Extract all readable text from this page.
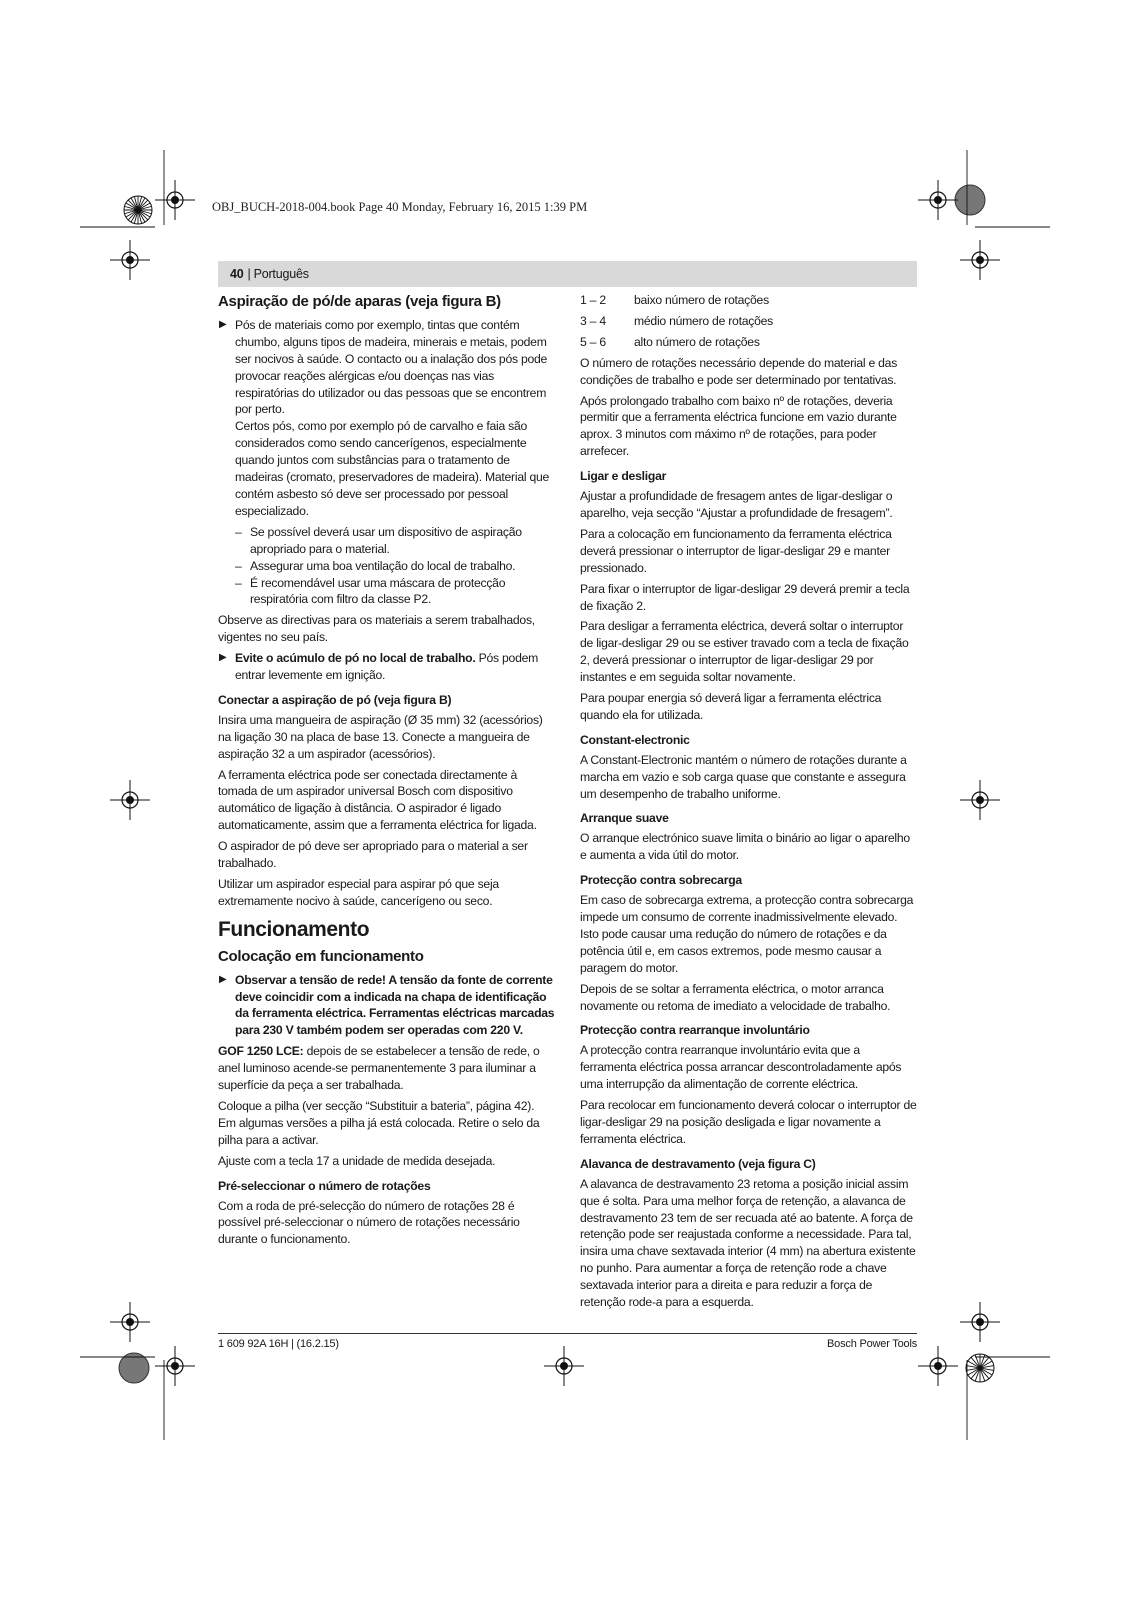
OBJ_BUCH-2018-004.book Page 40 Monday, February 16, 2015 1:39 PM
40 | Português
Aspiração de pó/de aparas (veja figura B)
▶ Pós de materiais como por exemplo, tintas que contém chumbo, alguns tipos de madeira, minerais e metais, podem ser nocivos à saúde. O contacto ou a inalação dos pós pode provocar reações alérgicas e/ou doenças nas vias respiratórias do utilizador ou das pessoas que se encontrem por perto.

Certos pós, como por exemplo pó de carvalho e faia são considerados como sendo cancerígenos, especialmente quando juntos com substâncias para o tratamento de madeiras (cromato, preservadores de madeira). Material que contém asbesto só deve ser processado por pessoal especializado.

– Se possível deverá usar um dispositivo de aspiração apropriado para o material.
– Assegurar uma boa ventilação do local de trabalho.
– É recomendável usar uma máscara de protecção respiratória com filtro da classe P2.

Observe as directivas para os materiais a serem trabalhados, vigentes no seu país.

▶ Evite o acúmulo de pó no local de trabalho. Pós podem entrar levemente em ignição.

Conectar a aspiração de pó (veja figura B)

Insira uma mangueira de aspiração (Ø 35 mm) 32 (acessórios) na ligação 30 na placa de base 13. Conecte a mangueira de aspiração 32 a um aspirador (acessórios).

A ferramenta eléctrica pode ser conectada directamente à tomada de um aspirador universal Bosch com dispositivo automático de ligação à distância. O aspirador é ligado automaticamente, assim que a ferramenta eléctrica for ligada.

O aspirador de pó deve ser apropriado para o material a ser trabalhado.

Utilizar um aspirador especial para aspirar pó que seja extremamente nocivo à saúde, cancerígeno ou seco.

Funcionamento
Colocação em funcionamento
▶ Observar a tensão de rede! A tensão da fonte de corrente deve coincidir com a indicada na chapa de identificação da ferramenta eléctrica. Ferramentas eléctricas marcadas para 230 V também podem ser operadas com 220 V.

GOF 1250 LCE: depois de se estabelecer a tensão de rede, o anel luminoso acende-se permanentemente 3 para iluminar a superfície da peça a ser trabalhada.

Coloque a pilha (ver secção “Substituir a bateria”, página 42). Em algumas versões a pilha já está colocada. Retire o selo da pilha para a activar.

Ajuste com a tecla 17 a unidade de medida desejada.

Pré-seleccionar o número de rotações

Com a roda de pré-selecção do número de rotações 28 é possível pré-seleccionar o número de rotações necessário durante o funcionamento.

1 – 2	baixo número de rotações
3 – 4	médio número de rotações
5 – 6	alto número de rotações

O número de rotações necessário depende do material e das condições de trabalho e pode ser determinado por tentativas.

Após prolongado trabalho com baixo nº de rotações, deveria permitir que a ferramenta eléctrica funcione em vazio durante aprox. 3 minutos com máximo nº de rotações, para poder arrefecer.

Ligar e desligar

Ajustar a profundidade de fresagem antes de ligar-desligar o aparelho, veja secção “Ajustar a profundidade de fresagem”.

Para a colocação em funcionamento da ferramenta eléctrica deverá pressionar o interruptor de ligar-desligar 29 e manter pressionado.

Para fixar o interruptor de ligar-desligar 29 deverá premir a tecla de fixação 2.

Para desligar a ferramenta eléctrica, deverá soltar o interruptor de ligar-desligar 29 ou se estiver travado com a tecla de fixação 2, deverá pressionar o interruptor de ligar-desligar 29 por instantes e em seguida soltar novamente.

Para poupar energia só deverá ligar a ferramenta eléctrica quando ela for utilizada.

Constant-electronic

A Constant-Electronic mantém o número de rotações durante a marcha em vazio e sob carga quase que constante e assegura um desempenho de trabalho uniforme.

Arranque suave

O arranque electrónico suave limita o binário ao ligar o aparelho e aumenta a vida útil do motor.

Protecção contra sobrecarga

Em caso de sobrecarga extrema, a protecção contra sobrecarga impede um consumo de corrente inadmissivelmente elevado. Isto pode causar uma redução do número de rotações e da potência útil e, em casos extremos, pode mesmo causar a paragem do motor.

Depois de se soltar a ferramenta eléctrica, o motor arranca novamente ou retoma de imediato a velocidade de trabalho.

Protecção contra rearranque involuntário

A protecção contra rearranque involuntário evita que a ferramenta eléctrica possa arrancar descontroladamente após uma interrupção da alimentação de corrente eléctrica.

Para recolocar em funcionamento deverá colocar o interruptor de ligar-desligar 29 na posição desligada e ligar novamente a ferramenta eléctrica.

Alavanca de destravamento (veja figura C)

A alavanca de destravamento 23 retoma a posição inicial assim que é solta. Para uma melhor força de retenção, a alavanca de destravamento 23 tem de ser recuada até ao batente. A força de retenção pode ser reajustada conforme a necessidade. Para tal, insira uma chave sextavada interior (4 mm) na abertura existente no punho. Para aumentar a força de retenção rode a chave sextavada interior para a direita e para reduzir a força de retenção rode-a para a esquerda.

1 609 92A 16H | (16.2.15)	Bosch Power Tools
